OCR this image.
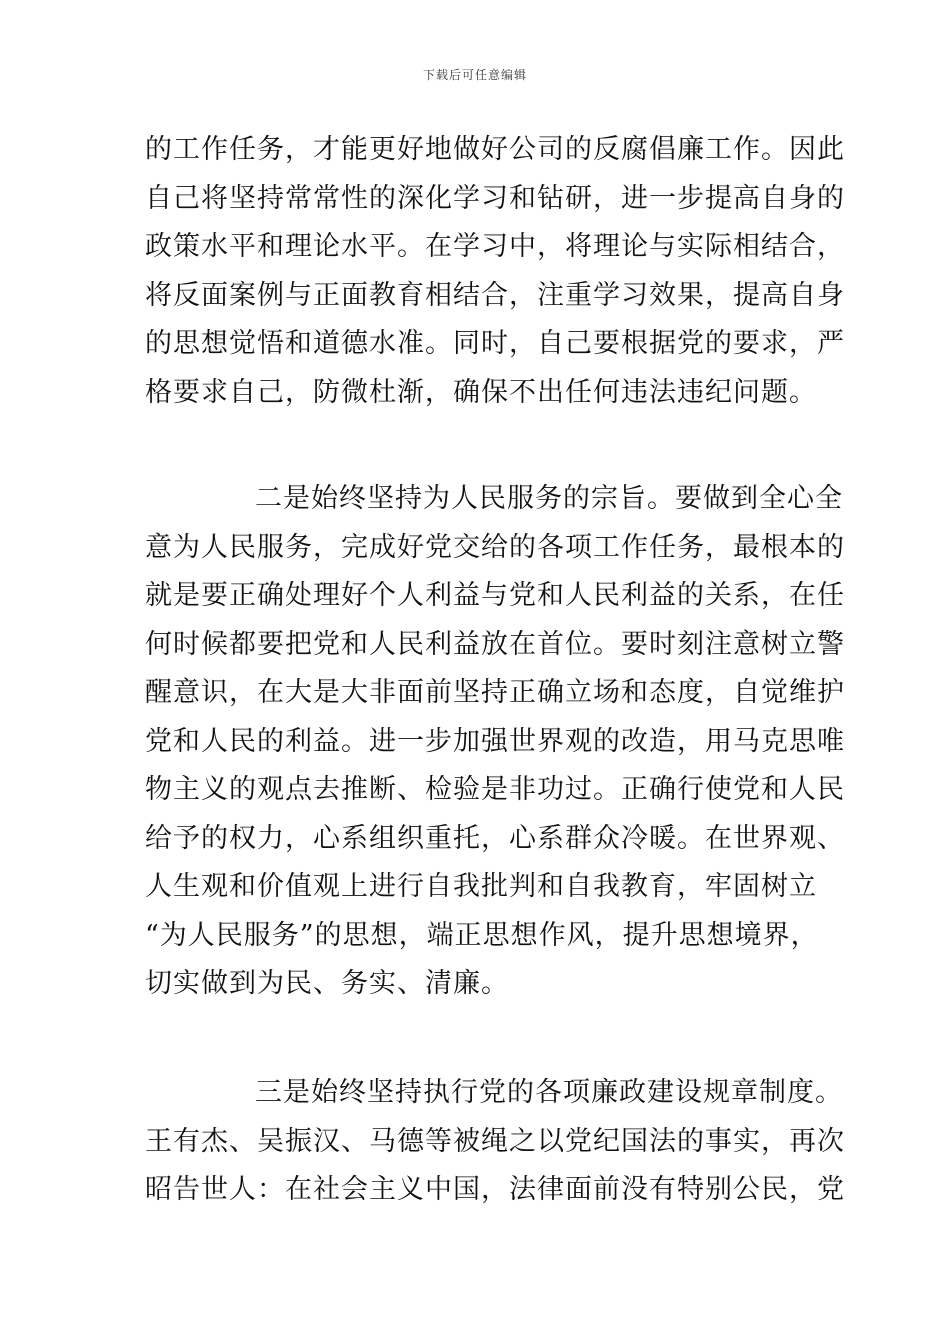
下载后可任意编辑
的工作任务，才能更好地做好公司的反腐倡廉工作。因此
自己将坚持常常性的深化学习和钻研，进一步提高自身的
政策水平和理论水平。在学习中，将理论与实际相结合，
将反面案例与正面教育相结合，注重学习效果，提高自身
的思想觉悟和道德水准。同时，自己要根据党的要求，严
格要求自己，防微杜渐，确保不出任何违法违纪问题。
二是始终坚持为人民服务的宗旨。要做到全心全
意为人民服务，完成好党交给的各项工作任务，最根本的
就是要正确处理好个人利益与党和人民利益的关系，在任
何时候都要把党和人民利益放在首位。要时刻注意树立警
醒意识，在大是大非面前坚持正确立场和态度，自觉维护
党和人民的利益。进一步加强世界观的改造，用马克思唯
物主义的观点去推断、检验是非功过。正确行使党和人民
给予的权力，心系组织重托，心系群众冷暖。在世界观、
人生观和价值观上进行自我批判和自我教育，牢固树立
“为人民服务”的思想，端正思想作风，提升思想境界，
切实做到为民、务实、清廉。
三是始终坚持执行党的各项廉政建设规章制度。
王有杰、吴振汉、马德等被绳之以党纪国法的事实，再次
昭告世人：在社会主义中国，法律面前没有特别公民，党
